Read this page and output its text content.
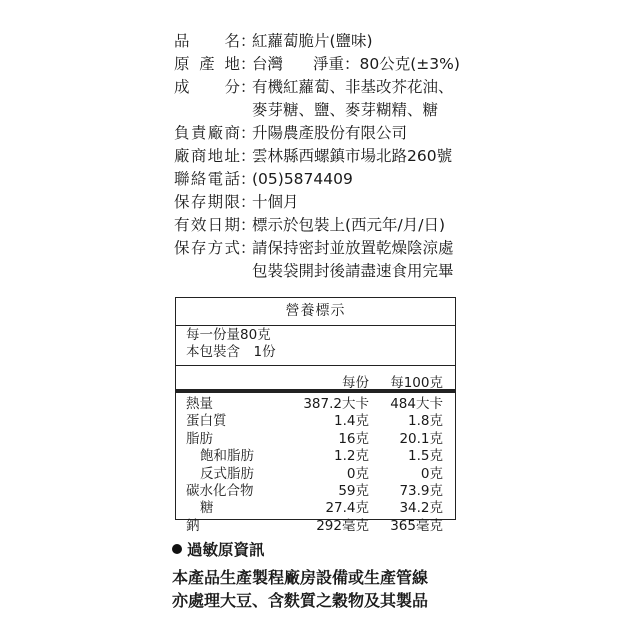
品 名 ：
紅蘿蔔脆片(鹽味)
原 產 地 ：
台灣 淨重：80公克(±3%)
成 分 ：
有機紅蘿蔔、非基改芥花油、
麥芽糖、鹽、麥芽糊精、糖
負 責 廠 商 ：
升陽農產股份有限公司
廠 商 地 址 ：
雲林縣西螺鎮市場北路260號
聯 絡 電 話 ：
(05)5874409
保 存 期 限 ：
十個月
有 效 日 期 ：
標示於包裝上(西元年/月/日)
保 存 方 式 ：
請保持密封並放置乾燥陰涼處
包裝袋開封後請盡速食用完畢
營養標示
每一份量80克
本包裝含　1份
每份 每100克
熱量	387.2大卡 484大卡
蛋白質	1.4克	1.8克
脂肪	16克 20.1克
飽和脂肪	1.2克	1.5克
反式脂肪	0克	0克
碳水化合物	59克 73.9克
糖	27.4克 34.2克
鈉	292毫克 365毫克
過敏原資訊
本產品生產製程廠房設備或生產管線
亦處理大豆、含麩質之穀物及其製品
